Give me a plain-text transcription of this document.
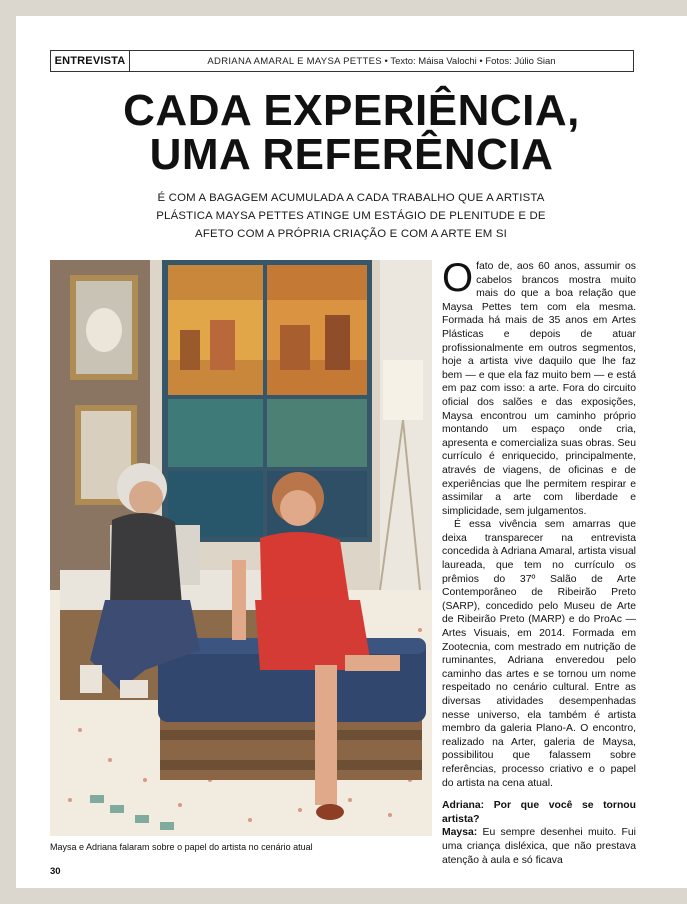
ENTREVISTA	ADRIANA AMARAL E MAYSA PETTES • Texto: Máisa Valochi • Fotos: Júlio Sian
CADA EXPERIÊNCIA,
UMA REFERÊNCIA
É COM A BAGAGEM ACUMULADA A CADA TRABALHO QUE A ARTISTA
PLÁSTICA MAYSA PETTES ATINGE UM ESTÁGIO DE PLENITUDE E DE
AFETO COM A PRÓPRIA CRIAÇÃO E COM A ARTE EM SI
Maysa e Adriana falaram sobre o papel do artista no cenário atual

Ofato de, aos 60 anos, assumir os cabelos brancos mostra muito mais do que a boa relação que Maysa Pettes tem com ela mesma. Formada há mais de 35 anos em Artes Plásticas e depois de atuar profissionalmente em outros segmentos, hoje a artista vive daquilo que lhe faz bem — e que ela faz muito bem — e está em paz com isso: a arte. Fora do circuito oficial dos salões e das exposições, Maysa encontrou um caminho próprio montando um espaço onde cria, apresenta e comercializa suas obras. Seu currículo é enriquecido, principalmente, através de viagens, de oficinas e de experiências que lhe permitem respirar e assimilar a arte com liberdade e simplicidade, sem julgamentos.

É essa vivência sem amarras que deixa transparecer na entrevista concedida à Adriana Amaral, artista visual laureada, que tem no currículo os prêmios do 37º Salão de Arte Contemporâneo de Ribeirão Preto (SARP), concedido pelo Museu de Arte de Ribeirão Preto (MARP) e do ProAc — Artes Visuais, em 2014. Formada em Zootecnia, com mestrado em nutrição de ruminantes, Adriana enveredou pelo caminho das artes e se tornou um nome respeitado no cenário cultural. Entre as diversas atividades desempenhadas nesse universo, ela também é artista membro da galeria Plano-A. O encontro, realizado na Arter, galeria de Maysa, possibilitou que falassem sobre referências, processo criativo e o papel do artista na cena atual.

Adriana: Por que você se tornou artista?

Maysa: Eu sempre desenhei muito. Fui uma criança disléxica, que não prestava atenção à aula e só ficava

30
